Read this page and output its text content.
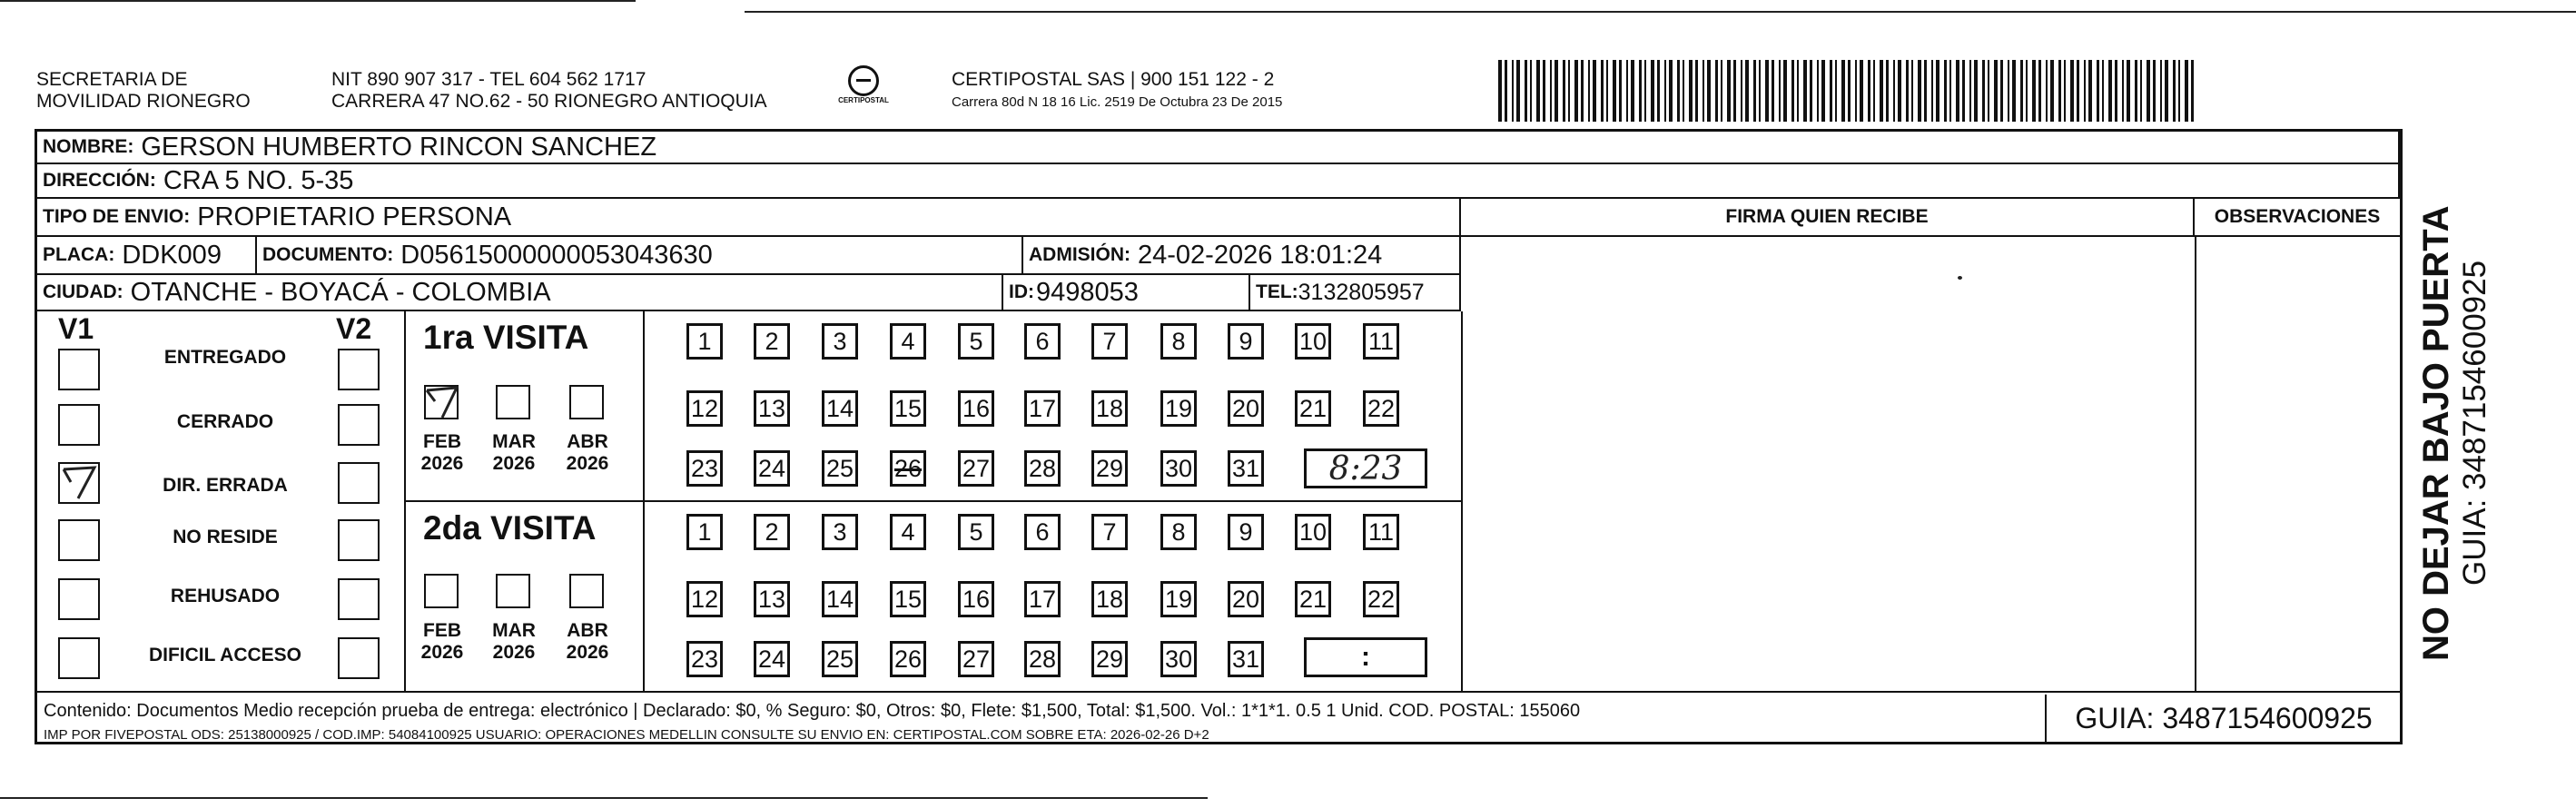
SECRETARIA DE
MOVILIDAD RIONEGRO
NIT 890 907 317 - TEL 604 562 1717
CARRERA 47 NO.62 - 50 RIONEGRO ANTIOQUIA	CERTIPOSTAL
CERTIPOSTAL SAS | 900 151 122 - 2
Carrera 80d N 18 16 Lic. 2519 De Octubra 23 De 2015
NOMBRE: GERSON HUMBERTO RINCON SANCHEZ
DIRECCIÓN: CRA 5 NO. 5-35
TIPO DE ENVIO: PROPIETARIO PERSONA
PLACA: DDK009 DOCUMENTO: D05615000000053043630	ADMISIÓN: 24-02-2026 18:01:24
CIUDAD: OTANCHE - BOYACÁ - COLOMBIA	ID: 9498053	TEL: 3132805957
FIRMA QUIEN RECIBE	OBSERVACIONES
V1	V2
ENTREGADO
CERRADO
DIR. ERRADA
NO RESIDE
REHUSADO
DIFICIL ACCESO
1ra VISITA
FEB
2026
MAR
2026
ABR
2026
1 2 3 4 5 6 7 8 9 10 11
12 13 14 15 16 17 18 19 20 21 22
23 24 25 26 27 28 29 30 31 8:23
2da VISITA
FEB
2026
MAR
2026
ABR
2026
1 2 3 4 5 6 7 8 9 10 11
12 13 14 15 16 17 18 19 20 21 22
23 24 25 26 27 28 29 30 31	:
Contenido: Documentos Medio recepción prueba de entrega: electrónico | Declarado: $0, % Seguro: $0, Otros: $0, Flete: $1,500, Total: $1,500. Vol.: 1*1*1. 0.5 1 Unid. COD. POSTAL: 155060
IMP POR FIVEPOSTAL ODS: 25138000925 / COD.IMP: 54084100925 USUARIO: OPERACIONES MEDELLIN CONSULTE SU ENVIO EN: CERTIPOSTAL.COM SOBRE ETA: 2026-02-26 D+2
GUIA: 3487154600925
NO DEJAR BAJO PUERTA GUIA: 3487154600925
